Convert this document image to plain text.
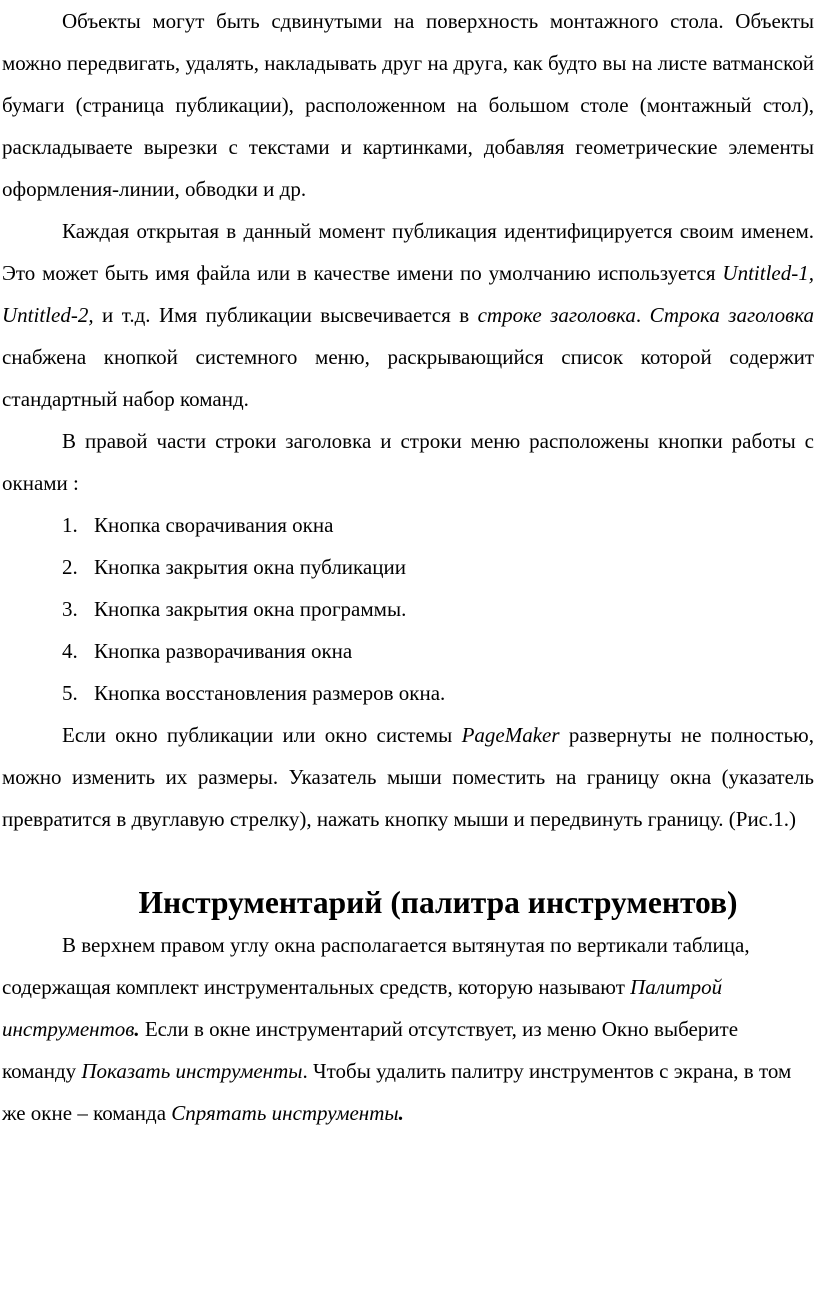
Объекты могут быть сдвинутыми на поверхность монтажного стола. Объекты можно передвигать, удалять, накладывать друг на друга, как будто вы на листе ватманской бумаги (страница публикации), расположенном на большом столе (монтажный стол), раскладываете вырезки с текстами и картинками, добавляя геометрические элементы оформления-линии, обводки и др.

Каждая открытая в данный момент публикация идентифицируется своим именем. Это может быть имя файла или в качестве имени по умолчанию используется Untitled-1, Untitled-2, и т.д. Имя публикации высвечивается в строке заголовка. Строка заголовка снабжена кнопкой системного меню, раскрывающийся список которой содержит стандартный набор команд.

В правой части строки заголовка и строки меню расположены кнопки работы с окнами :

1. Кнопка сворачивания окна
2. Кнопка закрытия окна публикации
3. Кнопка закрытия окна программы.
4. Кнопка разворачивания окна
5. Кнопка восстановления размеров окна.

Если окно публикации или окно системы PageMaker развернуты не полностью, можно изменить их размеры. Указатель мыши поместить на границу окна (указатель превратится в двуглавую стрелку), нажать кнопку мыши и передвинуть границу. (Рис.1.)

Инструментарий (палитра инструментов)

В верхнем правом углу окна располагается вытянутая по вертикали таблица, содержащая комплект инструментальных средств, которую называют Палитрой инструментов. Если в окне инструментарий отсутствует, из меню Окно выберите команду Показать инструменты. Чтобы удалить палитру инструментов с экрана, в том же окне – команда Спрятать инструменты.
